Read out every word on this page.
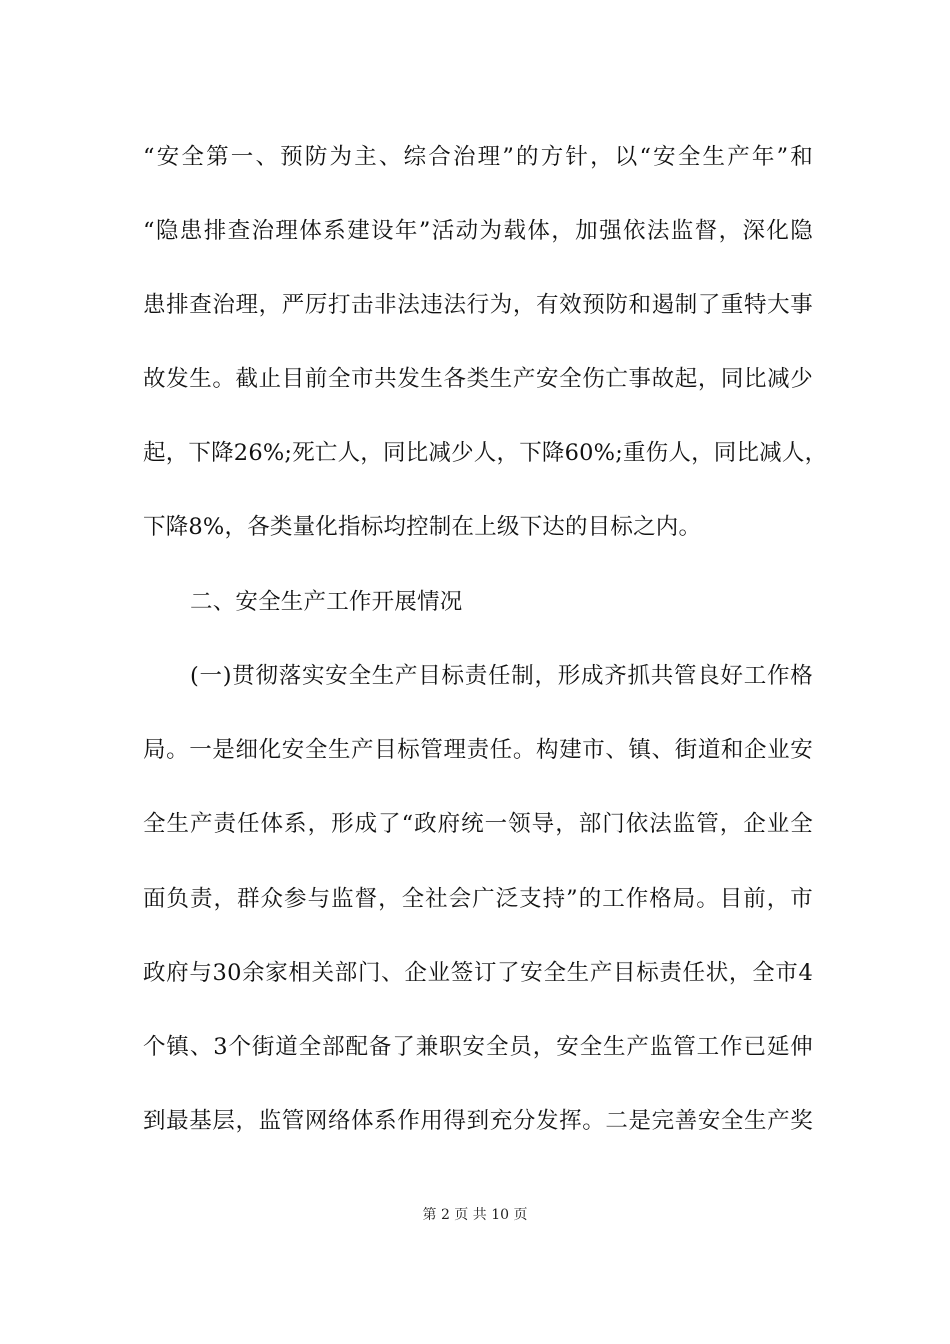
“安全第一、预防为主、综合治理”的方针，以“安全生产年”和
“隐患排查治理体系建设年”活动为载体，加强依法监督，深化隐
患排查治理，严厉打击非法违法行为，有效预防和遏制了重特大事
故发生。截止目前全市共发生各类生产安全伤亡事故起，同比减少
起，下降26%;死亡人，同比减少人，下降60%;重伤人，同比减人，
下降8%，各类量化指标均控制在上级下达的目标之内。
二、安全生产工作开展情况
(一)贯彻落实安全生产目标责任制，形成齐抓共管良好工作格
局。一是细化安全生产目标管理责任。构建市、镇、街道和企业安
全生产责任体系，形成了“政府统一领导，部门依法监管，企业全
面负责，群众参与监督，全社会广泛支持”的工作格局。目前，市
政府与30余家相关部门、企业签订了安全生产目标责任状，全市4
个镇、3个街道全部配备了兼职安全员，安全生产监管工作已延伸
到最基层，监管网络体系作用得到充分发挥。二是完善安全生产奖
第 2 页 共 10 页
